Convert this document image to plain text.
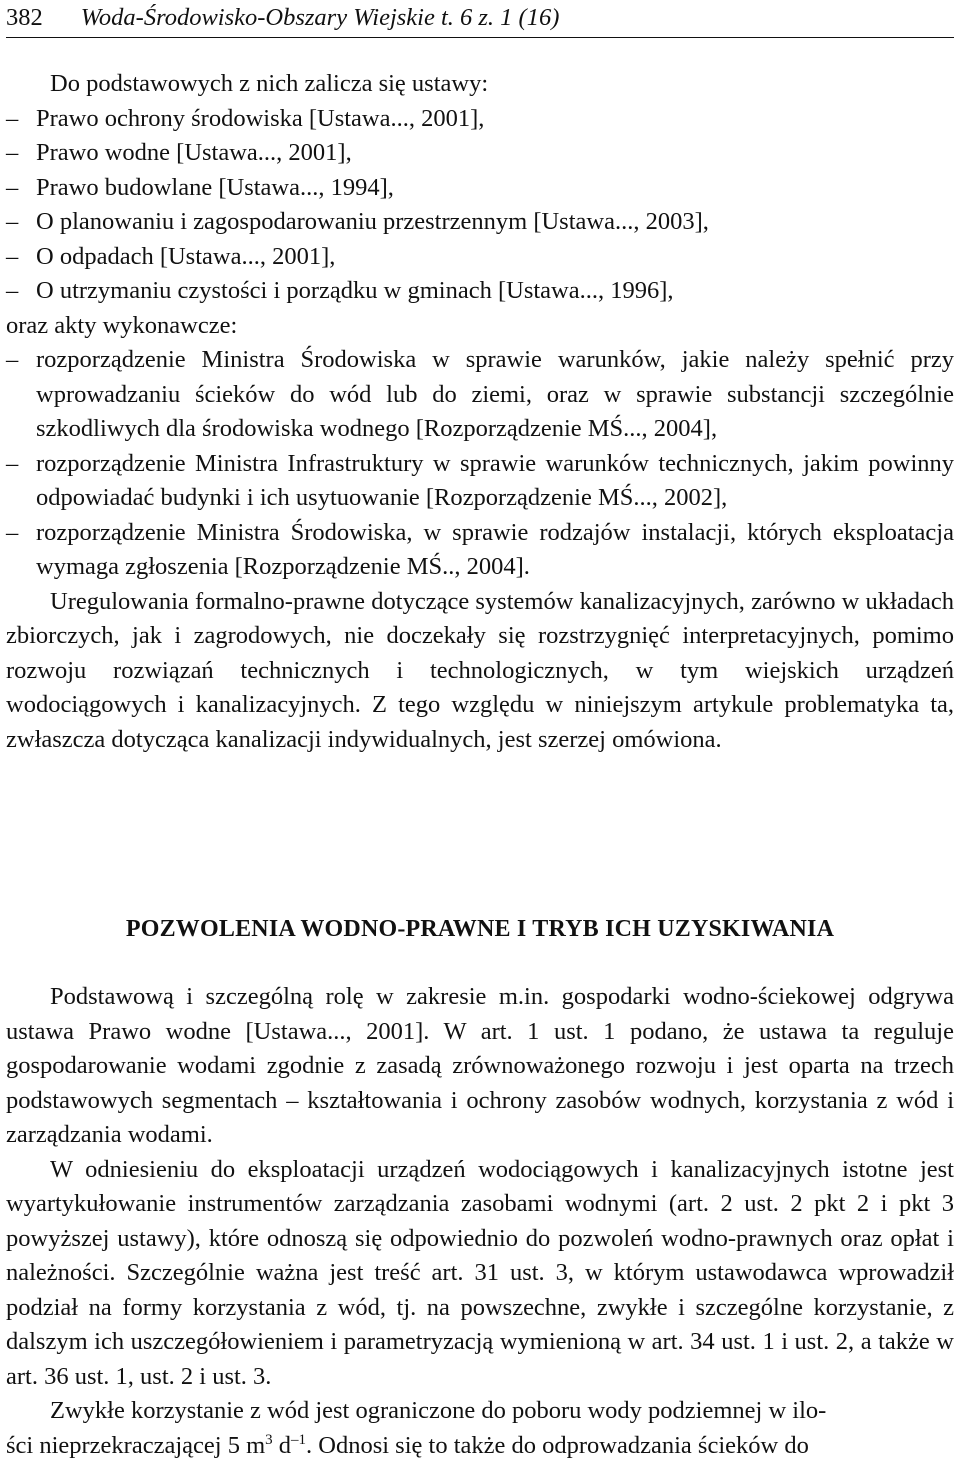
382 Woda-Środowisko-Obszary Wiejskie t. 6 z. 1 (16)

Do podstawowych z nich zalicza się ustawy:

– Prawo ochrony środowiska [Ustawa..., 2001],
– Prawo wodne [Ustawa..., 2001],
– Prawo budowlane [Ustawa..., 1994],
– O planowaniu i zagospodarowaniu przestrzennym [Ustawa..., 2003],
– O odpadach [Ustawa..., 2001],
– O utrzymaniu czystości i porządku w gminach [Ustawa..., 1996],

oraz akty wykonawcze:

– rozporządzenie Ministra Środowiska w sprawie warunków, jakie należy spełnić przy wprowadzaniu ścieków do wód lub do ziemi, oraz w sprawie substancji szczególnie szkodliwych dla środowiska wodnego [Rozporządzenie MŚ..., 2004],
– rozporządzenie Ministra Infrastruktury w sprawie warunków technicznych, jakim powinny odpowiadać budynki i ich usytuowanie [Rozporządzenie MŚ..., 2002],
– rozporządzenie Ministra Środowiska, w sprawie rodzajów instalacji, których eksploatacja wymaga zgłoszenia [Rozporządzenie MŚ.., 2004].

Uregulowania formalno-prawne dotyczące systemów kanalizacyjnych, zarówno w układach zbiorczych, jak i zagrodowych, nie doczekały się rozstrzygnięć interpretacyjnych, pomimo rozwoju rozwiązań technicznych i technologicznych, w tym wiejskich urządzeń wodociągowych i kanalizacyjnych. Z tego względu w niniejszym artykule problematyka ta, zwłaszcza dotycząca kanalizacji indywidualnych, jest szerzej omówiona.

POZWOLENIA WODNO-PRAWNE I TRYB ICH UZYSKIWANIA

Podstawową i szczególną rolę w zakresie m.in. gospodarki wodno-ściekowej odgrywa ustawa Prawo wodne [Ustawa..., 2001]. W art. 1 ust. 1 podano, że ustawa ta reguluje gospodarowanie wodami zgodnie z zasadą zrównoważonego rozwoju i jest oparta na trzech podstawowych segmentach – kształtowania i ochrony zasobów wodnych, korzystania z wód i zarządzania wodami.

W odniesieniu do eksploatacji urządzeń wodociągowych i kanalizacyjnych istotne jest wyartykułowanie instrumentów zarządzania zasobami wodnymi (art. 2 ust. 2 pkt 2 i pkt 3 powyższej ustawy), które odnoszą się odpowiednio do pozwoleń wodno-prawnych oraz opłat i należności. Szczególnie ważna jest treść art. 31 ust. 3, w którym ustawodawca wprowadził podział na formy korzystania z wód, tj. na powszechne, zwykłe i szczególne korzystanie, z dalszym ich uszczegółowieniem i parametryzacją wymienioną w art. 34 ust. 1 i ust. 2, a także w art. 36 ust. 1, ust. 2 i ust. 3.

Zwykłe korzystanie z wód jest ograniczone do poboru wody podziemnej w ilo-

ści nieprzekraczającej 5 $m^3$ $d^{-1}$. Odnosi się to także do odprowadzania ścieków do
